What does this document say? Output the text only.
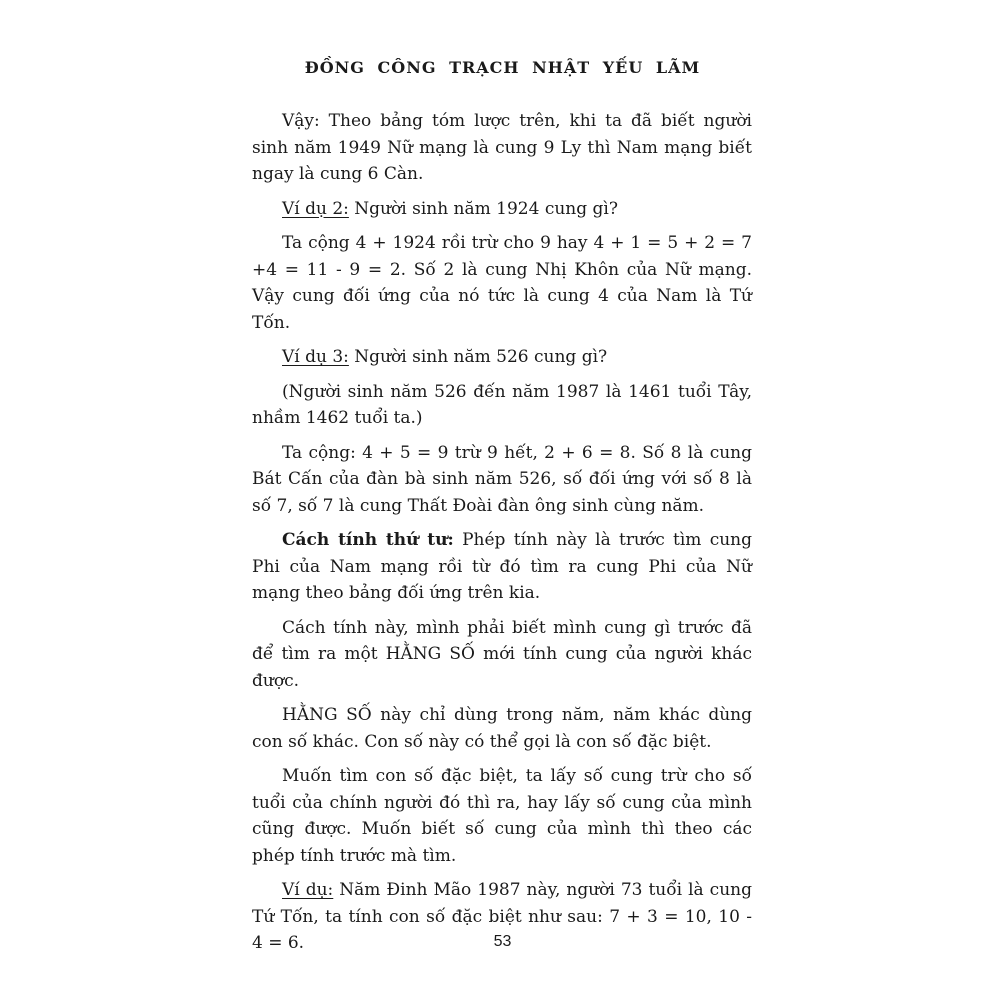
ĐỒNG CÔNG TRẠCH NHẬT YẾU LÃM

Vậy: Theo bảng tóm lược trên, khi ta đã biết người sinh năm 1949 Nữ mạng là cung 9 Ly thì Nam mạng biết ngay là cung 6 Càn.

Ví dụ 2: Người sinh năm 1924 cung gì?

Ta cộng 4 + 1924 rồi trừ cho 9 hay 4 + 1 = 5 + 2 = 7 +4 = 11 - 9 = 2. Số 2 là cung Nhị Khôn của Nữ mạng. Vậy cung đối ứng của nó tức là cung 4 của Nam là Tứ Tốn.

Ví dụ 3: Người sinh năm 526 cung gì?

(Người sinh năm 526 đến năm 1987 là 1461 tuổi Tây, nhầm 1462 tuổi ta.)

Ta cộng: 4 + 5 = 9 trừ 9 hết, 2 + 6 = 8. Số 8 là cung Bát Cấn của đàn bà sinh năm 526, số đối ứng với số 8 là số 7, số 7 là cung Thất Đoài đàn ông sinh cùng năm.

Cách tính thứ tư: Phép tính này là trước tìm cung Phi của Nam mạng rồi từ đó tìm ra cung Phi của Nữ mạng theo bảng đối ứng trên kia.

Cách tính này, mình phải biết mình cung gì trước đã để tìm ra một HẰNG SỐ mới tính cung của người khác được.

HẰNG SỐ này chỉ dùng trong năm, năm khác dùng con số khác. Con số này có thể gọi là con số đặc biệt.

Muốn tìm con số đặc biệt, ta lấy số cung trừ cho số tuổi của chính người đó thì ra, hay lấy số cung của mình cũng được. Muốn biết số cung của mình thì theo các phép tính trước mà tìm.

Ví dụ: Năm Đinh Mão 1987 này, người 73 tuổi là cung Tứ Tốn, ta tính con số đặc biệt như sau: 7 + 3 = 10, 10 - 4 = 6.	53
